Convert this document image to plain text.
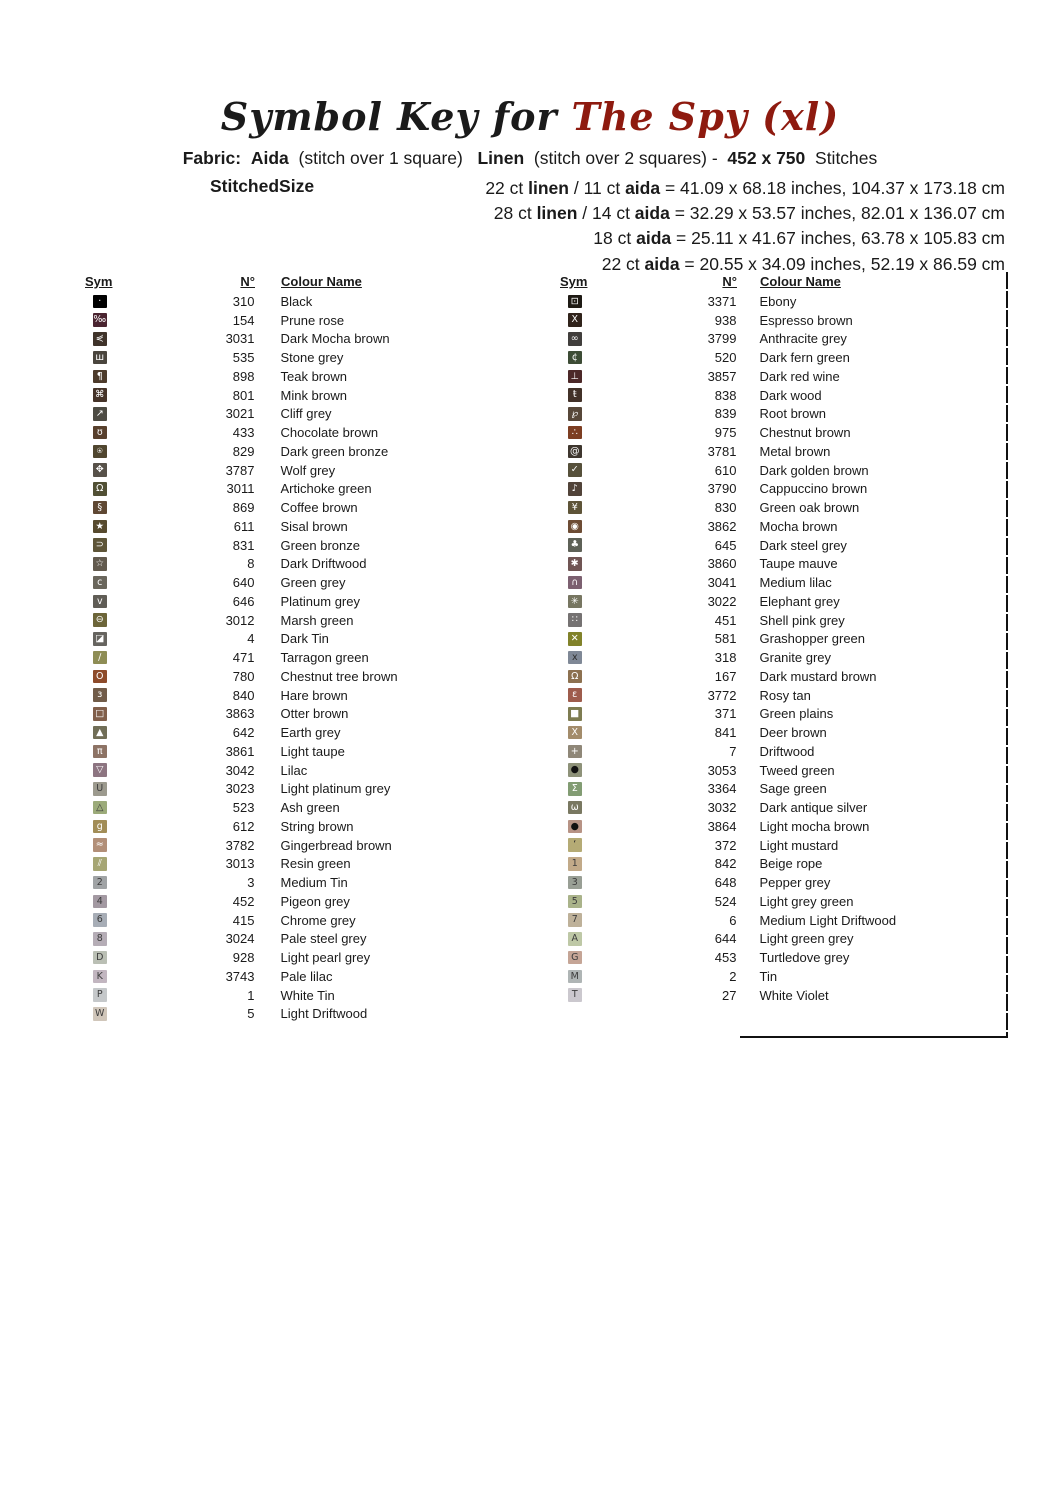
Symbol Key for The Spy (xl)
Fabric: Aida (stitch over 1 square) Linen (stitch over 2 squares) - 452 x 750 Stitches
StitchedSize	22 ct linen / 11 ct aida = 41.09 x 68.18 inches, 104.37 x 173.18 cm
28 ct linen / 14 ct aida = 32.29 x 53.57 inches, 82.01 x 136.07 cm
18 ct aida = 25.11 x 41.67 inches, 63.78 x 105.83 cm
22 ct aida = 20.55 x 34.09 inches, 52.19 x 86.59 cm
Sym	N° Colour Name
·	310 Black
‰	154 Prune rose
⋞	3031 Dark Mocha brown
ш	535 Stone grey
¶	898 Teak brown
⌘	801 Mink brown
↗	3021 Cliff grey
ʊ	433 Chocolate brown
⍟	829 Dark green bronze
✥	3787 Wolf grey
Ω	3011 Artichoke green
§	869 Coffee brown
★	611 Sisal brown
⊃	831 Green bronze
☆	8 Dark Driftwood
c	640 Green grey
v	646 Platinum grey
⊖	3012 Marsh green
◪	4 Dark Tin
∕	471 Tarragon green
O	780 Chestnut tree brown
ɜ	840 Hare brown
□	3863 Otter brown
▲	642 Earth grey
π	3861 Light taupe
▽	3042 Lilac
U	3023 Light platinum grey
△	523 Ash green
g	612 String brown
≈	3782 Gingerbread brown
⫽	3013 Resin green
2	3 Medium Tin
4	452 Pigeon grey
6	415 Chrome grey
8	3024 Pale steel grey
D	928 Light pearl grey
K	3743 Pale lilac
P	1 White Tin
W	5 Light Driftwood
Sym	N° Colour Name
⊡	3371 Ebony
X	938 Espresso brown
∞	3799 Anthracite grey
¢	520 Dark fern green
⊥	3857 Dark red wine
ŧ	838 Dark wood
℘	839 Root brown
∴	975 Chestnut brown
@	3781 Metal brown
✓	610 Dark golden brown
♪	3790 Cappuccino brown
¥	830 Green oak brown
◉	3862 Mocha brown
♣	645 Dark steel grey
✱	3860 Taupe mauve
∩	3041 Medium lilac
✳	3022 Elephant grey
∷	451 Shell pink grey
✕	581 Grashopper green
x	318 Granite grey
Ω	167 Dark mustard brown
ε	3772 Rosy tan
■	371 Green plains
X	841 Deer brown
+	7 Driftwood
●	3053 Tweed green
Σ	3364 Sage green
ω	3032 Dark antique silver
●	3864 Light mocha brown
‘	372 Light mustard
1	842 Beige rope
3	648 Pepper grey
5	524 Light grey green
7	6 Medium Light Driftwood
A	644 Light green grey
G	453 Turtledove grey
M	2 Tin
T	27 White Violet
